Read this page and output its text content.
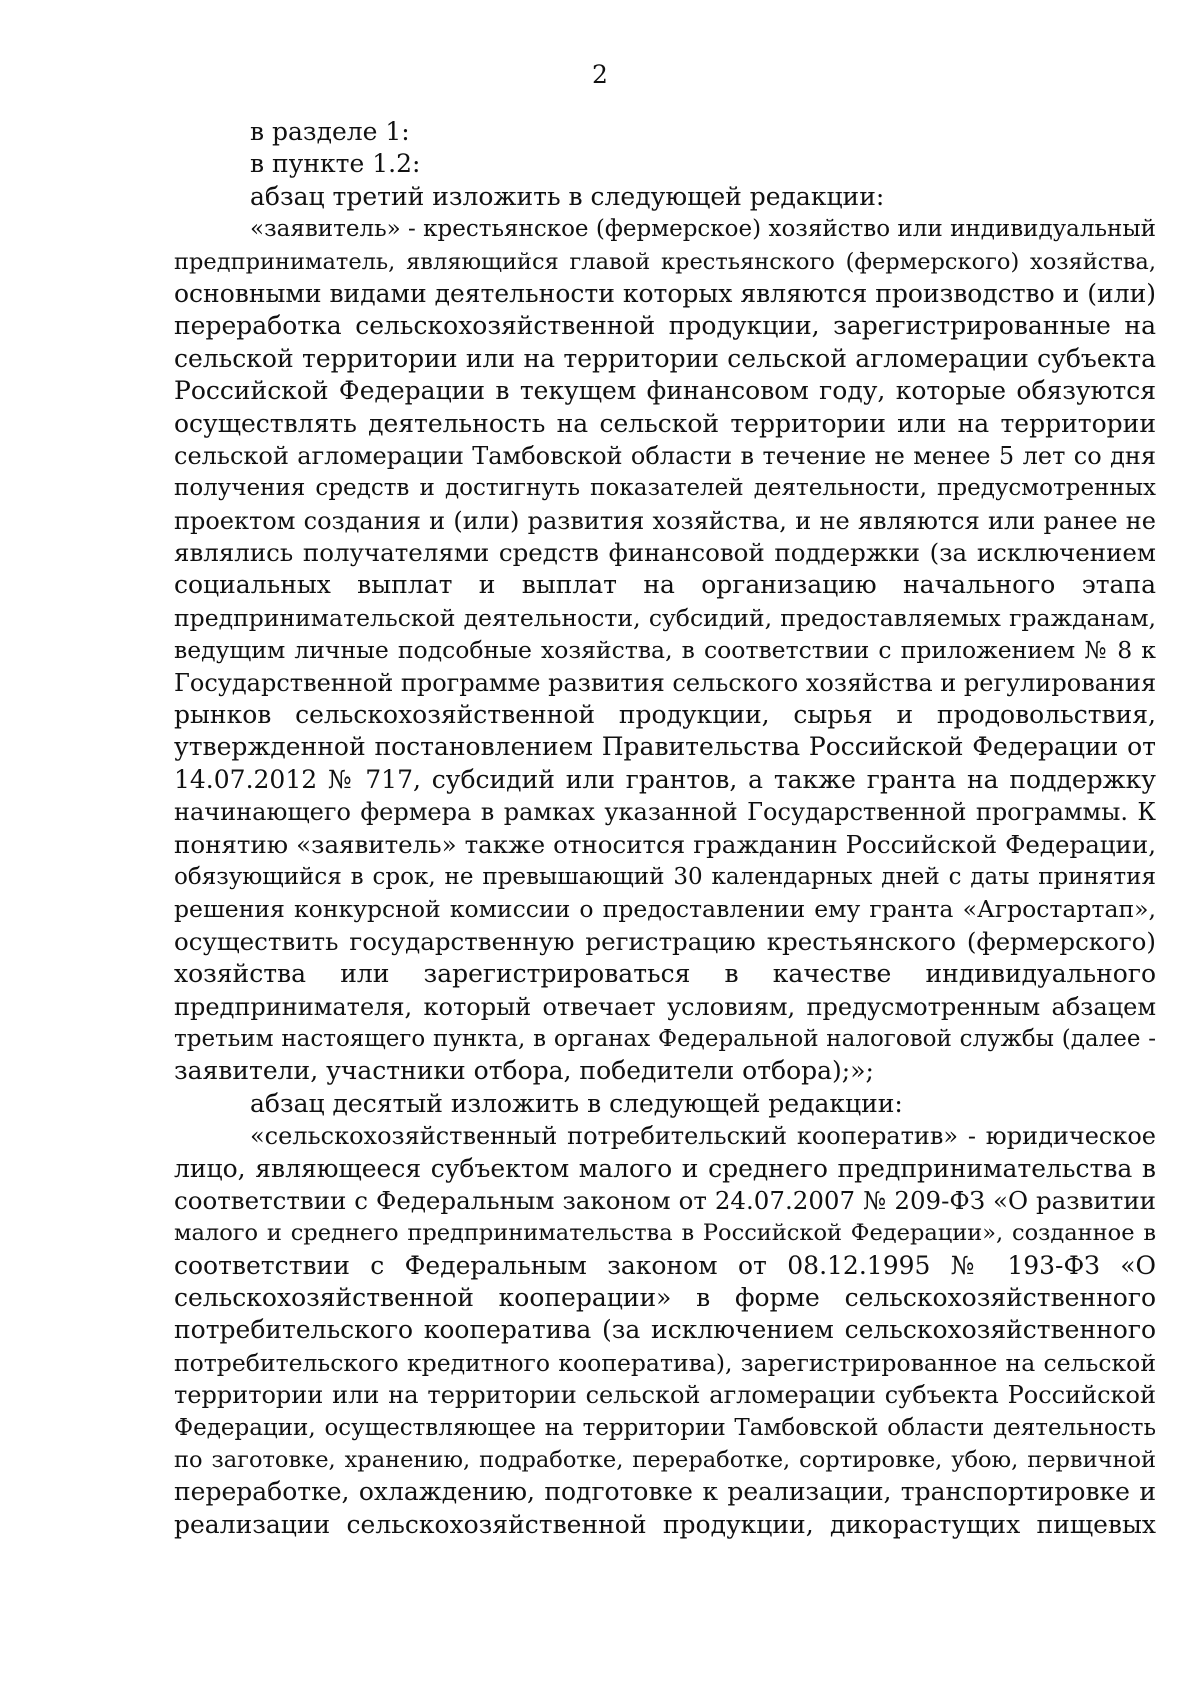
2
в разделе 1:
в пункте 1.2:
абзац третий изложить в следующей редакции:
«заявитель» - крестьянское (фермерское) хозяйство или индивидуальный
предприниматель, являющийся главой крестьянского (фермерского) хозяйства,
основными видами деятельности которых являются производство и (или)
переработка сельскохозяйственной продукции, зарегистрированные на
сельской территории или на территории сельской агломерации субъекта
Российской Федерации в текущем финансовом году, которые обязуются
осуществлять деятельность на сельской территории или на территории
сельской агломерации Тамбовской области в течение не менее 5 лет со дня
получения средств и достигнуть показателей деятельности, предусмотренных
проектом создания и (или) развития хозяйства, и не являются или ранее не
являлись получателями средств финансовой поддержки (за исключением
социальных выплат и выплат на организацию начального этапа
предпринимательской деятельности, субсидий, предоставляемых гражданам,
ведущим личные подсобные хозяйства, в соответствии с приложением № 8 к
Государственной программе развития сельского хозяйства и регулирования
рынков сельскохозяйственной продукции, сырья и продовольствия,
утвержденной постановлением Правительства Российской Федерации от
14.07.2012 № 717, субсидий или грантов, а также гранта на поддержку
начинающего фермера в рамках указанной Государственной программы. К
понятию «заявитель» также относится гражданин Российской Федерации,
обязующийся в срок, не превышающий 30 календарных дней с даты принятия
решения конкурсной комиссии о предоставлении ему гранта «Агростартап»,
осуществить государственную регистрацию крестьянского (фермерского)
хозяйства или зарегистрироваться в качестве индивидуального
предпринимателя, который отвечает условиям, предусмотренным абзацем
третьим настоящего пункта, в органах Федеральной налоговой службы (далее -
заявители, участники отбора, победители отбора);»;
абзац десятый изложить в следующей редакции:
«сельскохозяйственный потребительский кооператив» - юридическое
лицо, являющееся субъектом малого и среднего предпринимательства в
соответствии с Федеральным законом от 24.07.2007 № 209-ФЗ «О развитии
малого и среднего предпринимательства в Российской Федерации», созданное в
соответствии с Федеральным законом от 08.12.1995 № 193-ФЗ «О
сельскохозяйственной кооперации» в форме сельскохозяйственного
потребительского кооператива (за исключением сельскохозяйственного
потребительского кредитного кооператива), зарегистрированное на сельской
территории или на территории сельской агломерации субъекта Российской
Федерации, осуществляющее на территории Тамбовской области деятельность
по заготовке, хранению, подработке, переработке, сортировке, убою, первичной
переработке, охлаждению, подготовке к реализации, транспортировке и
реализации сельскохозяйственной продукции, дикорастущих пищевых
